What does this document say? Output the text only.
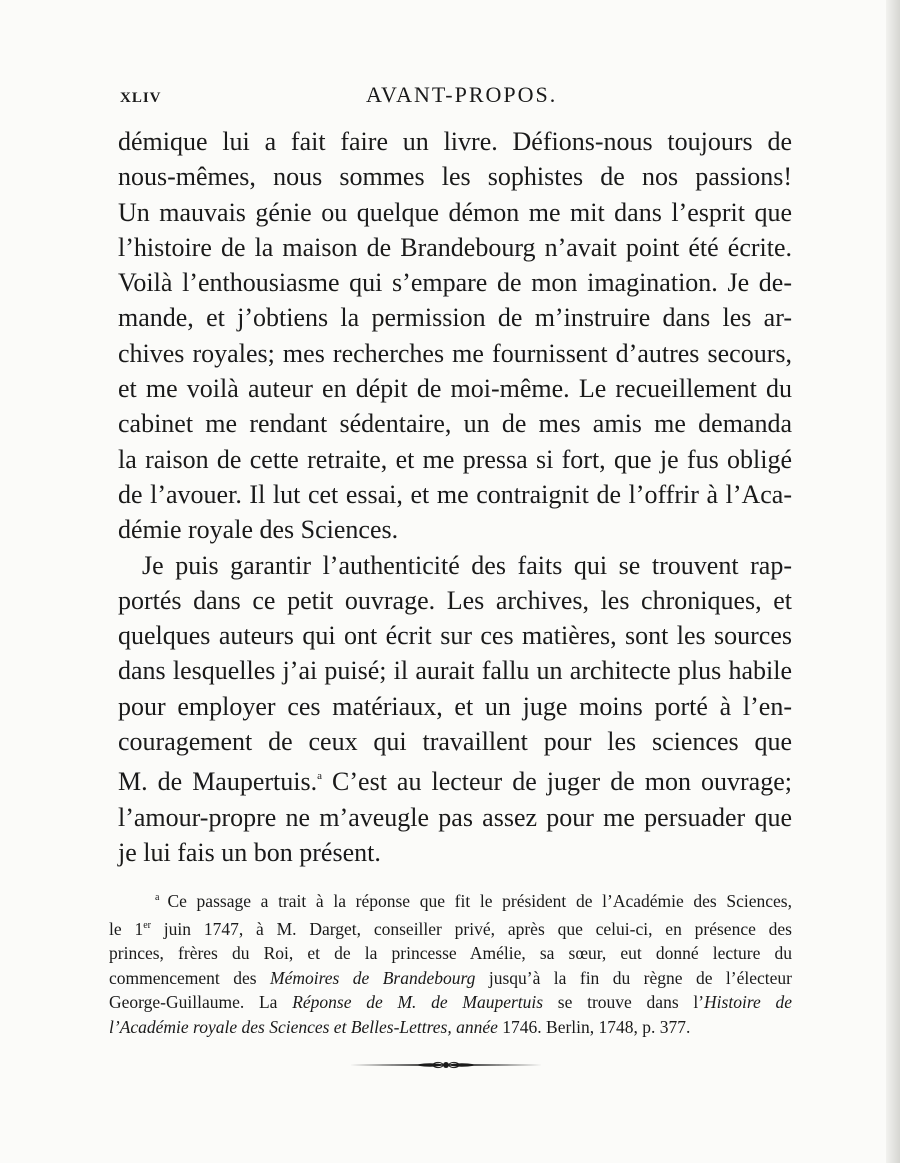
XLIV	AVANT-PROPOS.
démique lui a fait faire un livre. Défions-nous toujours de
nous-mêmes, nous sommes les sophistes de nos passions!
Un mauvais génie ou quelque démon me mit dans l’esprit que
l’histoire de la maison de Brandebourg n’avait point été écrite.
Voilà l’enthousiasme qui s’empare de mon imagination. Je de-
mande, et j’obtiens la permission de m’instruire dans les ar-
chives royales; mes recherches me fournissent d’autres secours,
et me voilà auteur en dépit de moi-même. Le recueillement du
cabinet me rendant sédentaire, un de mes amis me demanda
la raison de cette retraite, et me pressa si fort, que je fus obligé
de l’avouer. Il lut cet essai, et me contraignit de l’offrir à l’Aca-
démie royale des Sciences.
Je puis garantir l’authenticité des faits qui se trouvent rap-
portés dans ce petit ouvrage. Les archives, les chroniques, et
quelques auteurs qui ont écrit sur ces matières, sont les sources
dans lesquelles j’ai puisé; il aurait fallu un architecte plus habile
pour employer ces matériaux, et un juge moins porté à l’en-
couragement de ceux qui travaillent pour les sciences que
M. de Maupertuis.$^a$ C’est au lecteur de juger de mon ouvrage;
l’amour-propre ne m’aveugle pas assez pour me persuader que
je lui fais un bon présent.
$^a$ Ce passage a trait à la réponse que fit le président de l’Académie des Sciences,
le 1er juin 1747, à M. Darget, conseiller privé, après que celui-ci, en présence des
princes, frères du Roi, et de la princesse Amélie, sa sœur, eut donné lecture du
commencement des Mémoires de Brandebourg jusqu’à la fin du règne de l’électeur
George-Guillaume. La Réponse de M. de Maupertuis se trouve dans l’Histoire de
l’Académie royale des Sciences et Belles-Lettres, année 1746. Berlin, 1748, p. 377.
